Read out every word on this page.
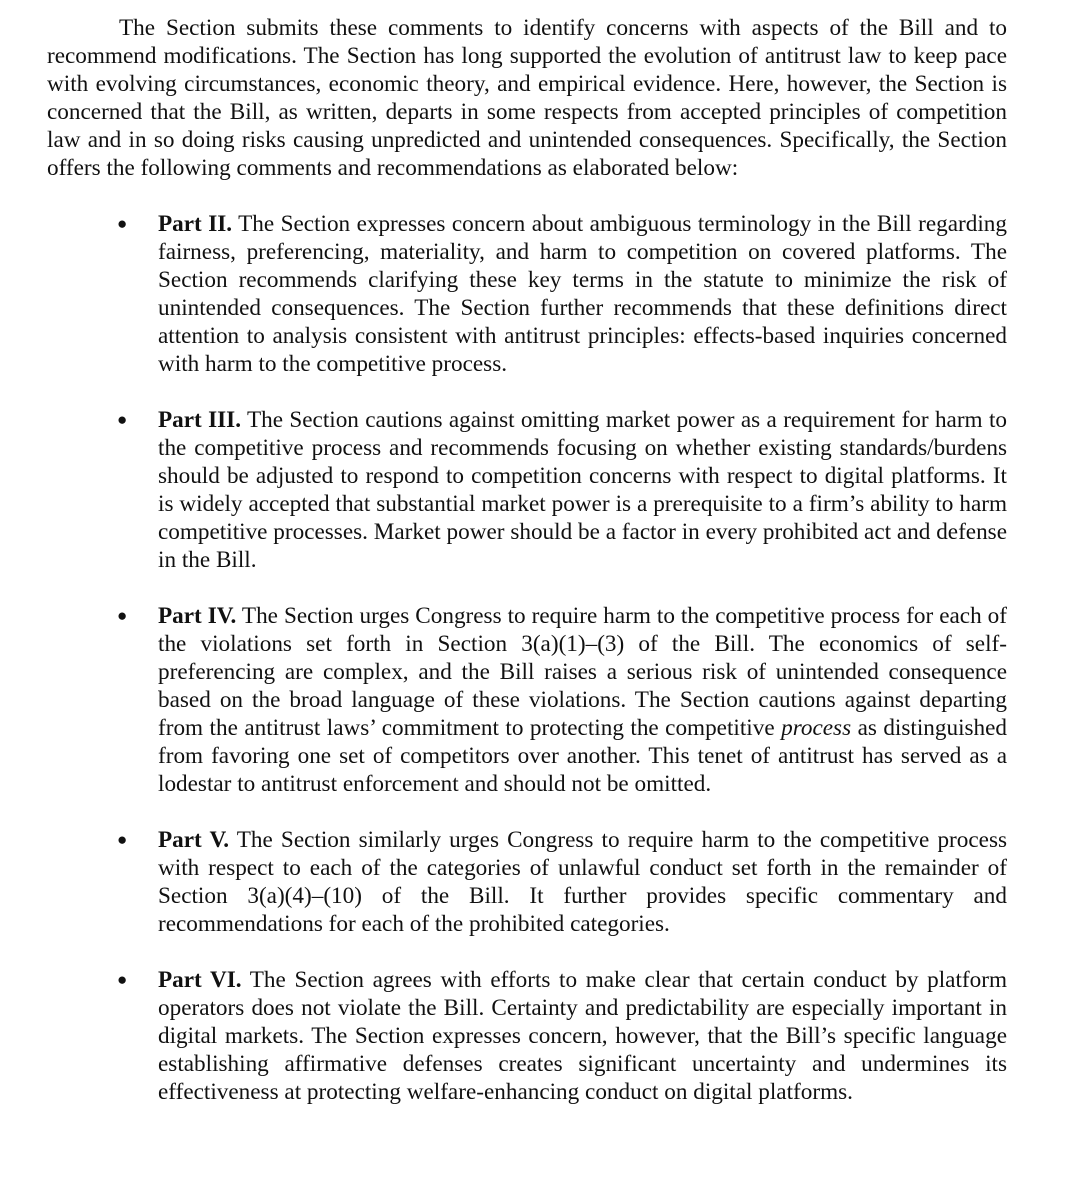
The Section submits these comments to identify concerns with aspects of the Bill and to recommend modifications. The Section has long supported the evolution of antitrust law to keep pace with evolving circumstances, economic theory, and empirical evidence. Here, however, the Section is concerned that the Bill, as written, departs in some respects from accepted principles of competition law and in so doing risks causing unpredicted and unintended consequences. Specifically, the Section offers the following comments and recommendations as elaborated below:

● Part II. The Section expresses concern about ambiguous terminology in the Bill regarding fairness, preferencing, materiality, and harm to competition on covered platforms. The Section recommends clarifying these key terms in the statute to minimize the risk of unintended consequences. The Section further recommends that these definitions direct attention to analysis consistent with antitrust principles: effects-based inquiries concerned with harm to the competitive process.

● Part III. The Section cautions against omitting market power as a requirement for harm to the competitive process and recommends focusing on whether existing standards/burdens should be adjusted to respond to competition concerns with respect to digital platforms. It is widely accepted that substantial market power is a prerequisite to a firm’s ability to harm competitive processes. Market power should be a factor in every prohibited act and defense in the Bill.

● Part IV. The Section urges Congress to require harm to the competitive process for each of the violations set forth in Section 3(a)(1)–(3) of the Bill. The economics of self-preferencing are complex, and the Bill raises a serious risk of unintended consequence based on the broad language of these violations. The Section cautions against departing from the antitrust laws’ commitment to protecting the competitive process as distinguished from favoring one set of competitors over another. This tenet of antitrust has served as a lodestar to antitrust enforcement and should not be omitted.

● Part V. The Section similarly urges Congress to require harm to the competitive process with respect to each of the categories of unlawful conduct set forth in the remainder of Section 3(a)(4)–(10) of the Bill. It further provides specific commentary and recommendations for each of the prohibited categories.

● Part VI. The Section agrees with efforts to make clear that certain conduct by platform operators does not violate the Bill. Certainty and predictability are especially important in digital markets. The Section expresses concern, however, that the Bill’s specific language establishing affirmative defenses creates significant uncertainty and undermines its effectiveness at protecting welfare-enhancing conduct on digital platforms.
